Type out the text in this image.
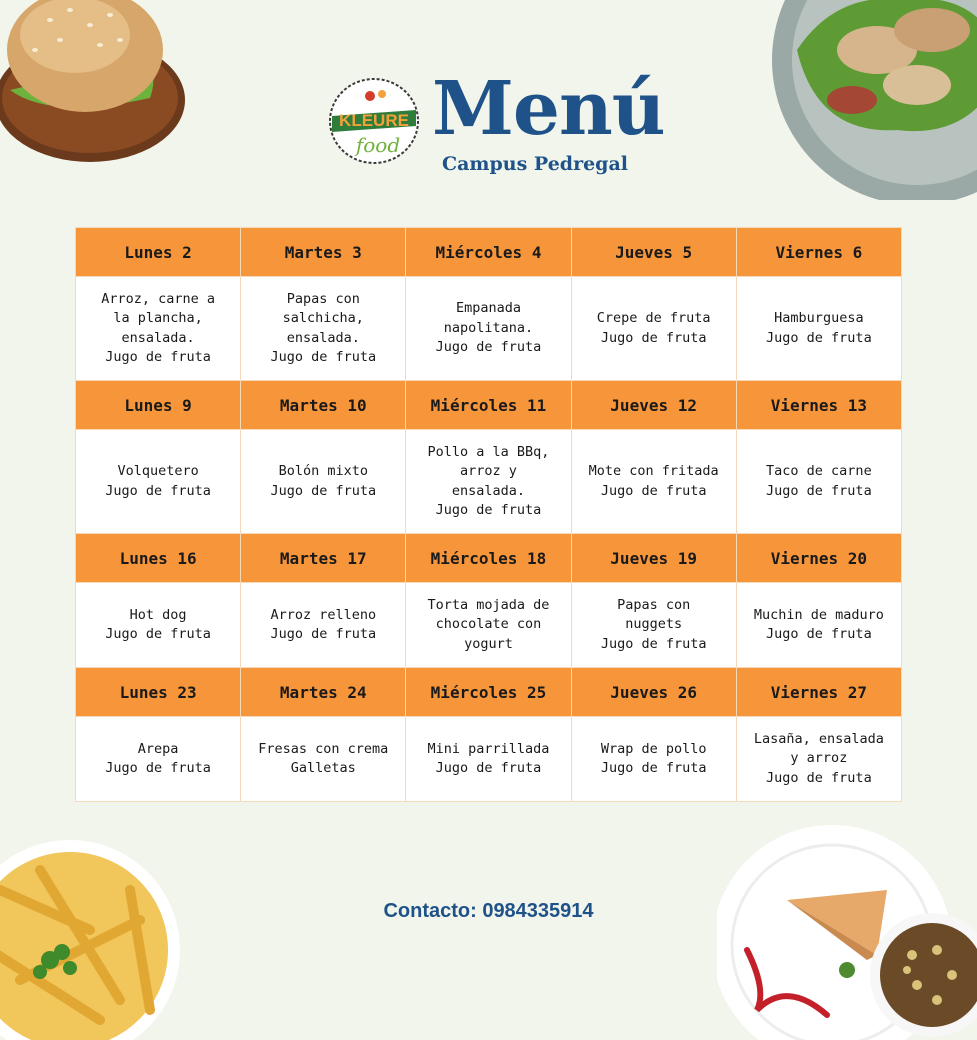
KLEURE
food Menú
Campus Pedregal
Lunes 2	Martes 3	Miércoles 4	Jueves 5	Viernes 6
Arroz, carne a
la plancha,
ensalada.
Jugo de fruta	Papas con
salchicha,
ensalada.
Jugo de fruta	Empanada
napolitana.
Jugo de fruta	Crepe de fruta
Jugo de fruta	Hamburguesa
Jugo de fruta
Lunes 9	Martes 10	Miércoles 11	Jueves 12	Viernes 13
Volquetero
Jugo de fruta	Bolón mixto
Jugo de fruta	Pollo a la BBq,
arroz y
ensalada.
Jugo de fruta	Mote con fritada
Jugo de fruta	Taco de carne
Jugo de fruta
Lunes 16	Martes 17	Miércoles 18	Jueves 19	Viernes 20
Hot dog
Jugo de fruta	Arroz relleno
Jugo de fruta	Torta mojada de
chocolate con
yogurt	Papas con
nuggets
Jugo de fruta	Muchin de maduro
Jugo de fruta
Lunes 23	Martes 24	Miércoles 25	Jueves 26	Viernes 27
Arepa
Jugo de fruta	Fresas con crema
Galletas	Mini parrillada
Jugo de fruta	Wrap de pollo
Jugo de fruta	Lasaña, ensalada
y arroz
Jugo de fruta
Contacto: 0984335914
